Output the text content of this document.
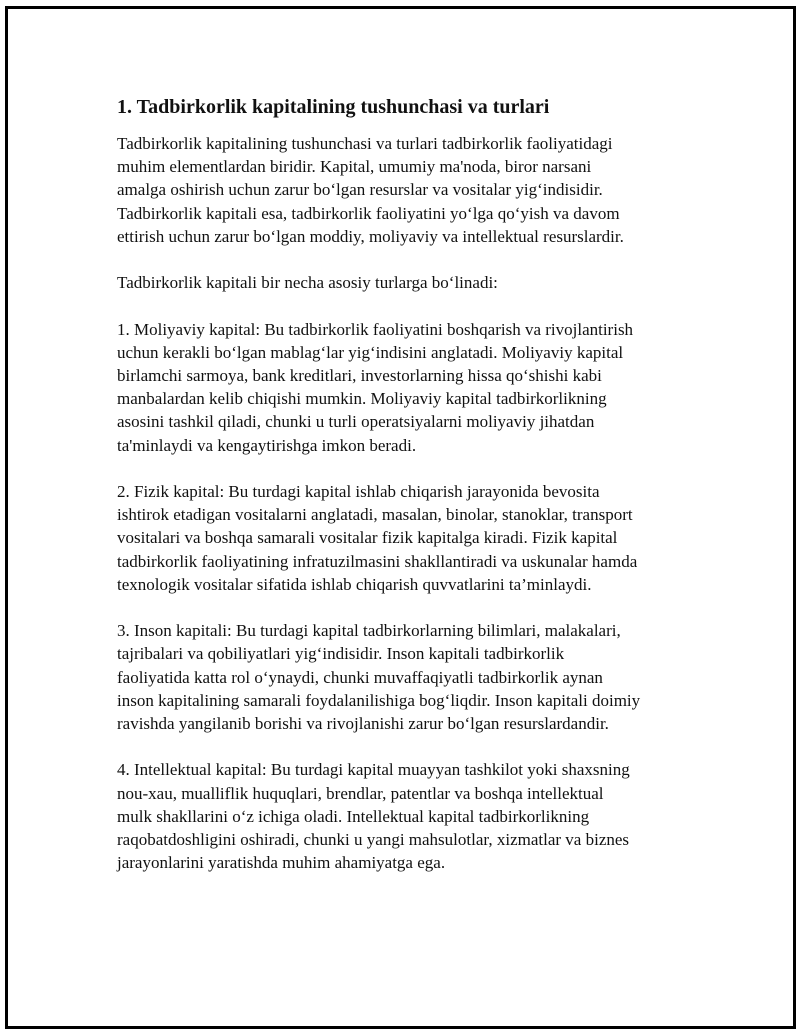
1. Tadbirkorlik kapitalining tushunchasi va turlari

Tadbirkorlik kapitalining tushunchasi va turlari tadbirkorlik faoliyatidagi
muhim elementlardan biridir. Kapital, umumiy ma'noda, biror narsani
amalga oshirish uchun zarur bo‘lgan resurslar va vositalar yig‘indisidir.
Tadbirkorlik kapitali esa, tadbirkorlik faoliyatini yo‘lga qo‘yish va davom
ettirish uchun zarur bo‘lgan moddiy, moliyaviy va intellektual resurslardir.

Tadbirkorlik kapitali bir necha asosiy turlarga bo‘linadi:

1. Moliyaviy kapital: Bu tadbirkorlik faoliyatini boshqarish va rivojlantirish
uchun kerakli bo‘lgan mablag‘lar yig‘indisini anglatadi. Moliyaviy kapital
birlamchi sarmoya, bank kreditlari, investorlarning hissa qo‘shishi kabi
manbalardan kelib chiqishi mumkin. Moliyaviy kapital tadbirkorlikning
asosini tashkil qiladi, chunki u turli operatsiyalarni moliyaviy jihatdan
ta'minlaydi va kengaytirishga imkon beradi.

2. Fizik kapital: Bu turdagi kapital ishlab chiqarish jarayonida bevosita
ishtirok etadigan vositalarni anglatadi, masalan, binolar, stanoklar, transport
vositalari va boshqa samarali vositalar fizik kapitalga kiradi. Fizik kapital
tadbirkorlik faoliyatining infratuzilmasini shakllantiradi va uskunalar hamda
texnologik vositalar sifatida ishlab chiqarish quvvatlarini ta’minlaydi.

3. Inson kapitali: Bu turdagi kapital tadbirkorlarning bilimlari, malakalari,
tajribalari va qobiliyatlari yig‘indisidir. Inson kapitali tadbirkorlik
faoliyatida katta rol o‘ynaydi, chunki muvaffaqiyatli tadbirkorlik aynan
inson kapitalining samarali foydalanilishiga bog‘liqdir. Inson kapitali doimiy
ravishda yangilanib borishi va rivojlanishi zarur bo‘lgan resurslardandir.

4. Intellektual kapital: Bu turdagi kapital muayyan tashkilot yoki shaxsning
nou-xau, mualliflik huquqlari, brendlar, patentlar va boshqa intellektual
mulk shakllarini o‘z ichiga oladi. Intellektual kapital tadbirkorlikning
raqobatdoshligini oshiradi, chunki u yangi mahsulotlar, xizmatlar va biznes
jarayonlarini yaratishda muhim ahamiyatga ega.
